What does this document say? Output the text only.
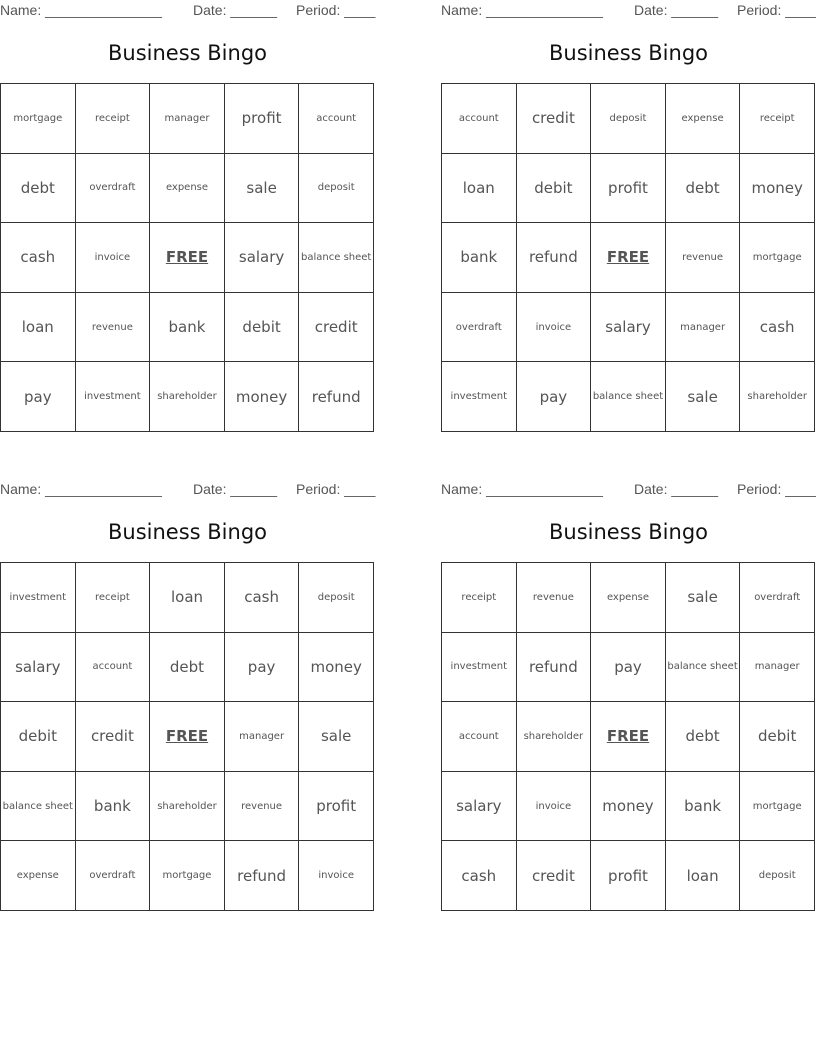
Name: _______________ Date: ______ Period: ____
Business Bingo
mortgage	receipt	manager	profit	account
debt	overdraft	expense	sale	deposit
cash	invoice	FREE	salary	balance sheet
loan	revenue	bank	debit	credit
pay	investment	shareholder	money	refund
Name: _______________ Date: ______ Period: ____
Business Bingo
account	credit	deposit	expense	receipt
loan	debit	profit	debt	money
bank	refund	FREE	revenue	mortgage
overdraft	invoice	salary	manager	cash
investment	pay	balance sheet	sale	shareholder
Name: _______________ Date: ______ Period: ____
Business Bingo
investment	receipt	loan	cash	deposit
salary	account	debt	pay	money
debit	credit	FREE	manager	sale
balance sheet	bank	shareholder	revenue	profit
expense	overdraft	mortgage	refund	invoice
Name: _______________ Date: ______ Period: ____
Business Bingo
receipt	revenue	expense	sale	overdraft
investment	refund	pay	balance sheet	manager
account	shareholder	FREE	debt	debit
salary	invoice	money	bank	mortgage
cash	credit	profit	loan	deposit
